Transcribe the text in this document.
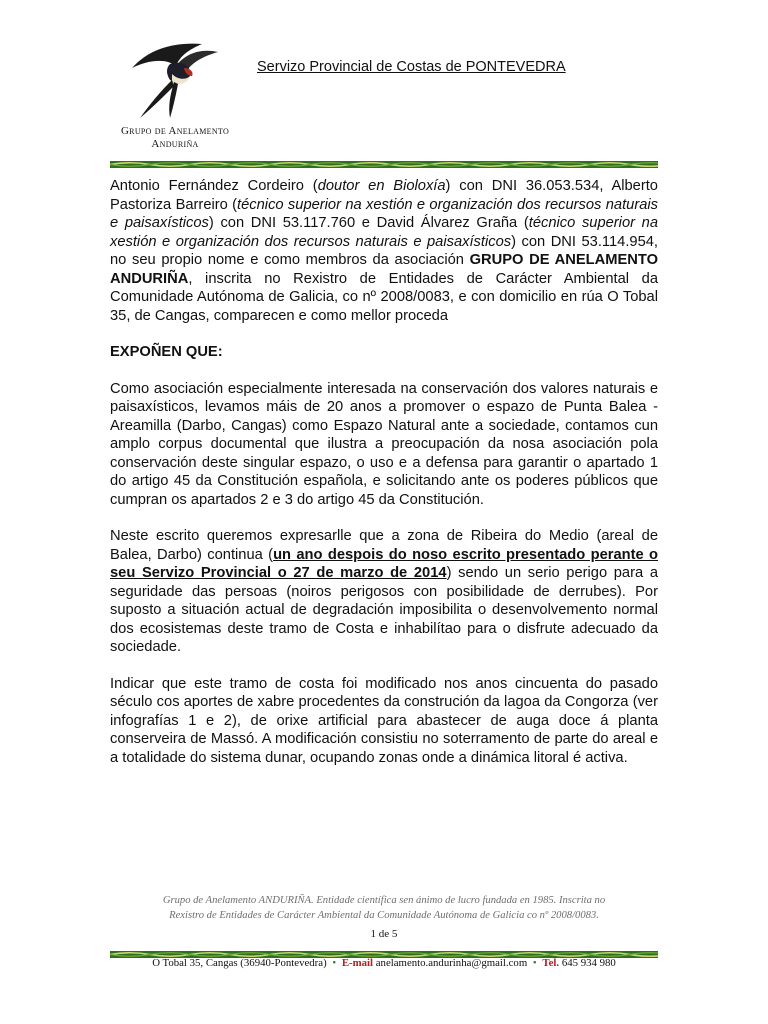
Grupo de Anelamento
Anduriña
Servizo Provincial de Costas de PONTEVEDRA

Antonio Fernández Cordeiro (doutor en Bioloxía) con DNI 36.053.534, Alberto Pastoriza Barreiro (técnico superior na xestión e organización dos recursos naturais e paisaxísticos) con DNI 53.117.760 e David Álvarez Graña (técnico superior na xestión e organización dos recursos naturais e paisaxísticos) con DNI 53.114.954, no seu propio nome e como membros da asociación GRUPO DE ANELAMENTO ANDURIÑA, inscrita no Rexistro de Entidades de Carácter Ambiental da Comunidade Autónoma de Galicia, co nº 2008/0083, e con domicilio en rúa O Tobal 35, de Cangas, comparecen e como mellor proceda

EXPOÑEN QUE:

Como asociación especialmente interesada na conservación dos valores naturais e paisaxísticos, levamos máis de 20 anos a promover o espazo de Punta Balea - Areamilla (Darbo, Cangas) como Espazo Natural ante a sociedade, contamos cun amplo corpus documental que ilustra a preocupación da nosa asociación pola conservación deste singular espazo, o uso e a defensa para garantir o apartado 1 do artigo 45 da Constitución española, e solicitando ante os poderes públicos que cumpran os apartados 2 e 3 do artigo 45 da Constitución.

Neste escrito queremos expresarlle que a zona de Ribeira do Medio (areal de Balea, Darbo) continua (un ano despois do noso escrito presentado perante o seu Servizo Provincial o 27 de marzo de 2014) sendo un serio perigo para a seguridade das persoas (noiros perigosos con posibilidade de derrubes). Por suposto a situación actual de degradación imposibilita o desenvolvemento normal dos ecosistemas deste tramo de Costa e inhabilítao para o disfrute adecuado da sociedade.

Indicar que este tramo de costa foi modificado nos anos cincuenta do pasado século cos aportes de xabre procedentes da construción da lagoa da Congorza (ver infografías 1 e 2), de orixe artificial para abastecer de auga doce á planta conserveira de Massó. A modificación consistiu no soterramento de parte do areal e a totalidade do sistema dunar, ocupando zonas onde a dinámica litoral é activa.

Grupo de Anelamento ANDURIÑA. Entidade científica sen ánimo de lucro fundada en 1985. Inscrita no
Rexistro de Entidades de Carácter Ambiental da Comunidade Autónoma de Galicia co nº 2008/0083.
1 de 5
O Tobal 35, Cangas (36940-Pontevedra) • E-mail anelamento.andurinha@gmail.com • Tel. 645 934 980
